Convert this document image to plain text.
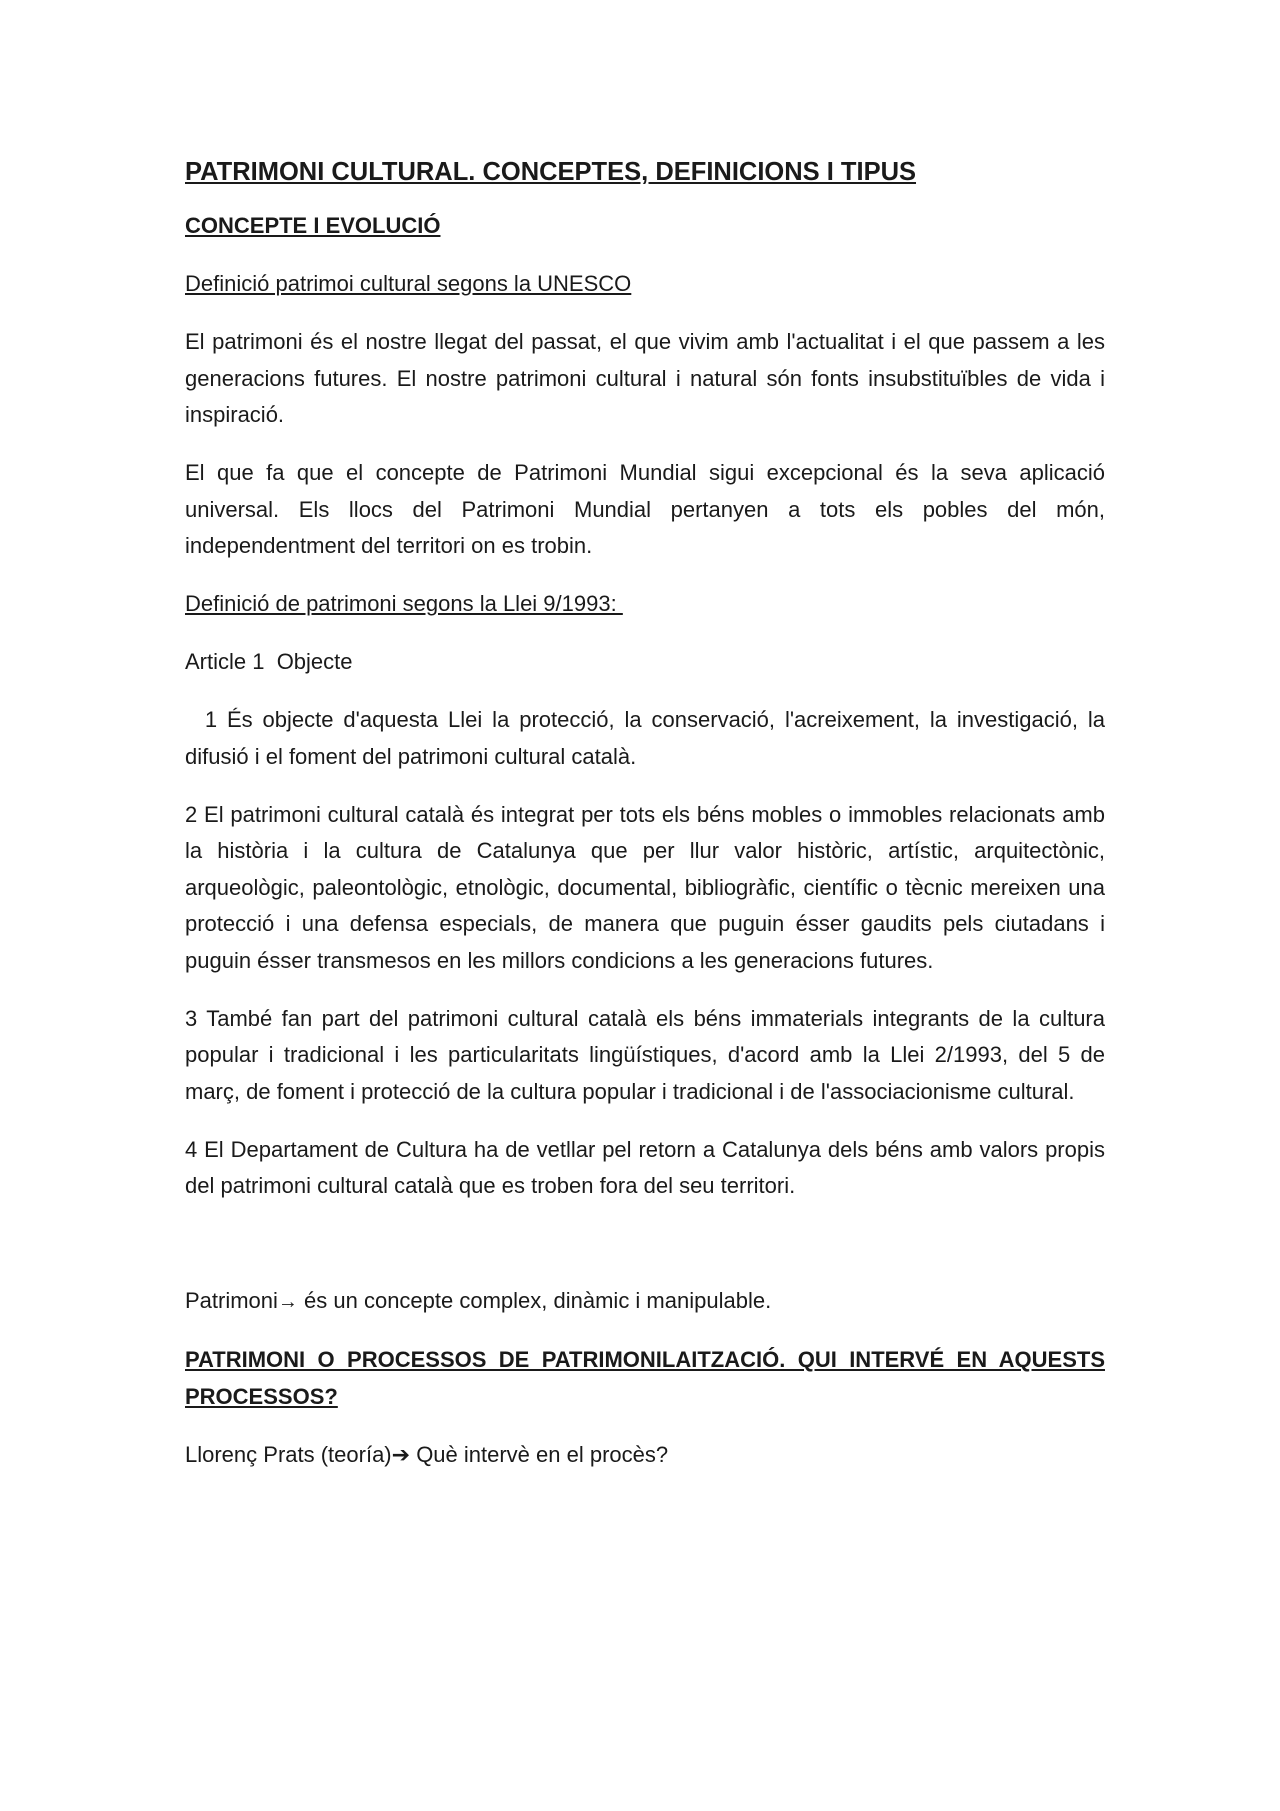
PATRIMONI CULTURAL. CONCEPTES, DEFINICIONS I TIPUS

CONCEPTE I EVOLUCIÓ

Definició patrimoi cultural segons la UNESCO

El patrimoni és el nostre llegat del passat, el que vivim amb l'actualitat i el que passem a les generacions futures. El nostre patrimoni cultural i natural són fonts insubstituïbles de vida i inspiració.

El que fa que el concepte de Patrimoni Mundial sigui excepcional és la seva aplicació universal. Els llocs del Patrimoni Mundial pertanyen a tots els pobles del món, independentment del territori on es trobin.

Definició de patrimoni segons la Llei 9/1993:

Article 1  Objecte

1 És objecte d'aquesta Llei la protecció, la conservació, l'acreixement, la investigació, la difusió i el foment del patrimoni cultural català.

2 El patrimoni cultural català és integrat per tots els béns mobles o immobles relacionats amb la història i la cultura de Catalunya que per llur valor històric, artístic, arquitectònic, arqueològic, paleontològic, etnològic, documental, bibliogràfic, científic o tècnic mereixen una protecció i una defensa especials, de manera que puguin ésser gaudits pels ciutadans i puguin ésser transmesos en les millors condicions a les generacions futures.

3 També fan part del patrimoni cultural català els béns immaterials integrants de la cultura popular i tradicional i les particularitats lingüístiques, d'acord amb la Llei 2/1993, del 5 de març, de foment i protecció de la cultura popular i tradicional i de l'associacionisme cultural.

4 El Departament de Cultura ha de vetllar pel retorn a Catalunya dels béns amb valors propis del patrimoni cultural català que es troben fora del seu territori.

Patrimoni→ és un concepte complex, dinàmic i manipulable.

PATRIMONI O PROCESSOS DE PATRIMONILAITZACIÓ. QUI INTERVÉ EN AQUESTS PROCESSOS?

Llorenç Prats (teoría)➔ Què intervè en el procès?
